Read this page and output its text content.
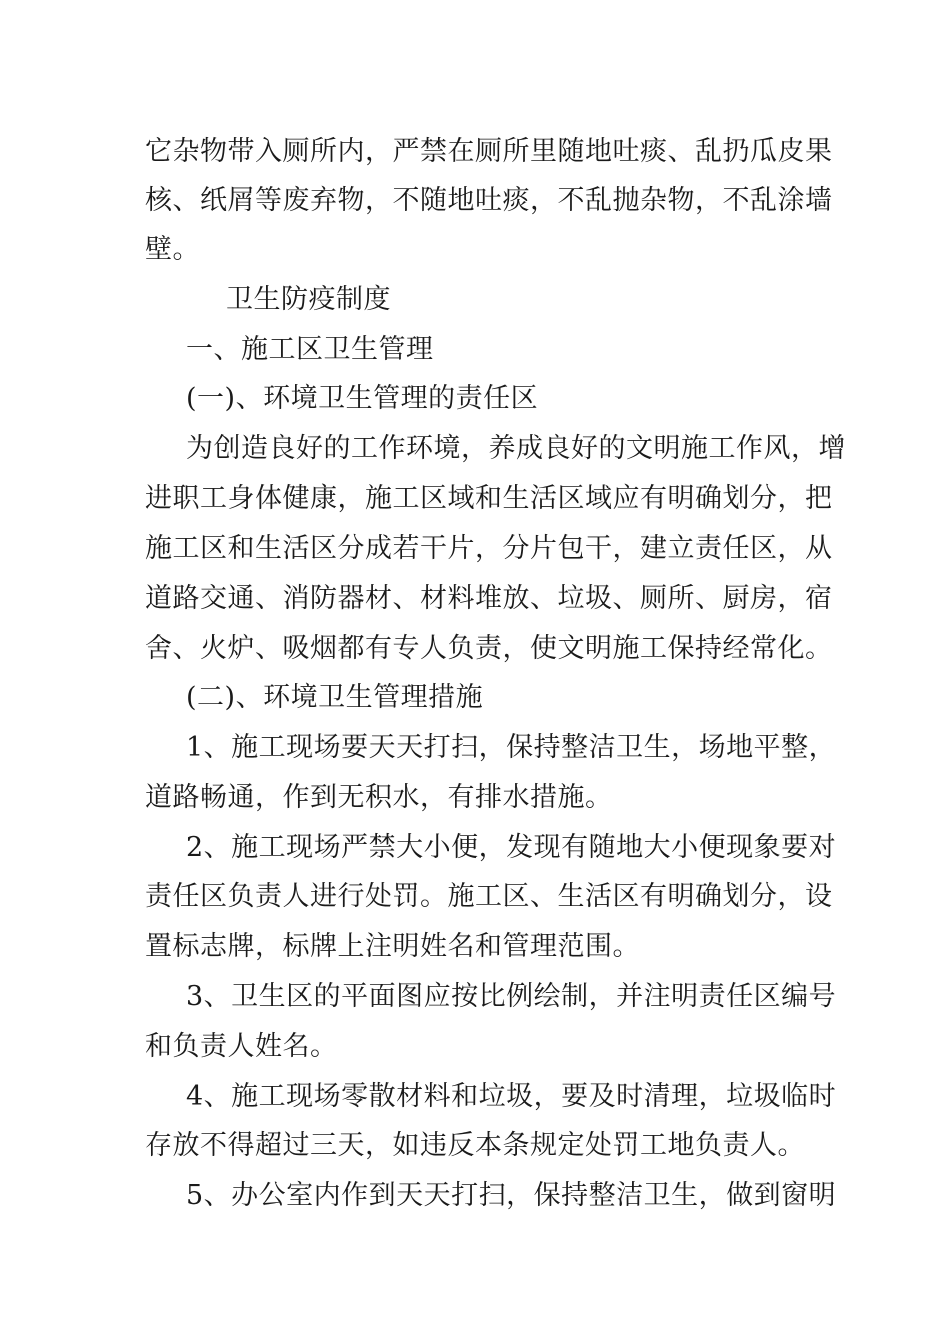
它杂物带入厕所内，严禁在厕所里随地吐痰、乱扔瓜皮果
核、纸屑等废弃物，不随地吐痰，不乱抛杂物，不乱涂墙
壁。
卫生防疫制度
一、施工区卫生管理
(一)、环境卫生管理的责任区
为创造良好的工作环境，养成良好的文明施工作风，增
进职工身体健康，施工区域和生活区域应有明确划分，把
施工区和生活区分成若干片，分片包干，建立责任区，从
道路交通、消防器材、材料堆放、垃圾、厕所、厨房，宿
舍、火炉、吸烟都有专人负责，使文明施工保持经常化。
(二)、环境卫生管理措施
1、施工现场要天天打扫，保持整洁卫生，场地平整，
道路畅通，作到无积水，有排水措施。
2、施工现场严禁大小便，发现有随地大小便现象要对
责任区负责人进行处罚。施工区、生活区有明确划分，设
置标志牌，标牌上注明姓名和管理范围。
3、卫生区的平面图应按比例绘制，并注明责任区编号
和负责人姓名。
4、施工现场零散材料和垃圾，要及时清理，垃圾临时
存放不得超过三天，如违反本条规定处罚工地负责人。
5、办公室内作到天天打扫，保持整洁卫生，做到窗明
